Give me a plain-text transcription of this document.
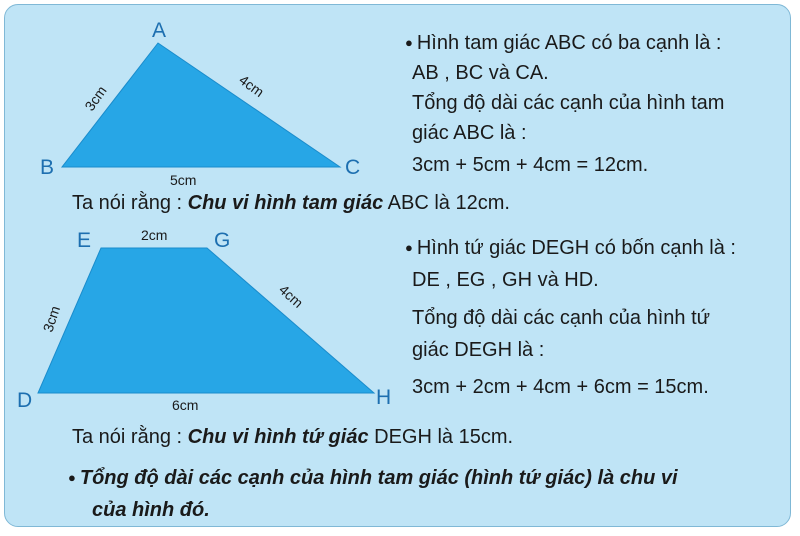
A
B	C
3cm	4cm
5cm
E	G
D	H
2cm
3cm
4cm
6cm
● Hình tam giác ABC có ba cạnh là :
AB , BC và CA.
Tổng độ dài các cạnh của hình tam
giác ABC là :
3cm + 5cm + 4cm = 12cm.
Ta nói rằng : Chu vi hình tam giác ABC là 12cm.
● Hình tứ giác DEGH có bốn cạnh là :
DE , EG , GH và HD.
Tổng độ dài các cạnh của hình tứ
giác DEGH là :
3cm + 2cm + 4cm + 6cm = 15cm.
Ta nói rằng : Chu vi hình tứ giác DEGH là 15cm.
● Tổng độ dài các cạnh của hình tam giác (hình tứ giác) là chu vi
của hình đó.
